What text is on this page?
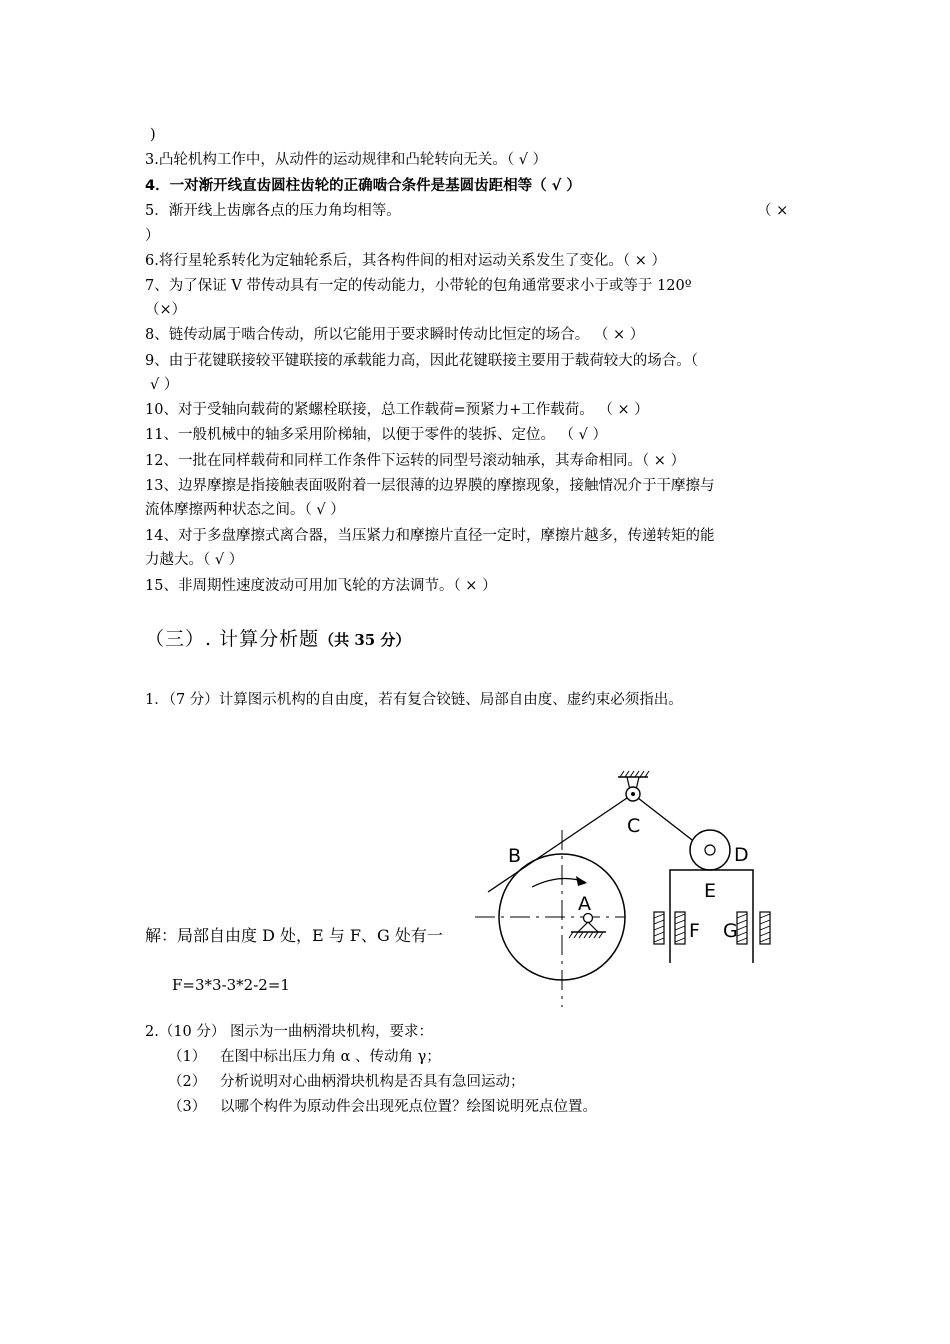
)
3.凸轮机构工作中，从动件的运动规律和凸轮转向无关。（ √ ）
4．一对渐开线直齿圆柱齿轮的正确啮合条件是基圆齿距相等（ √ ）
5．渐开线上齿廓各点的压力角均相等。	（ ×
）
6.将行星轮系转化为定轴轮系后，其各构件间的相对运动关系发生了变化。（ × ）
7、为了保证 V 带传动具有一定的传动能力，小带轮的包角通常要求小于或等于 120º
（×）
8、链传动属于啮合传动，所以它能用于要求瞬时传动比恒定的场合。 （ × ）
9、由于花键联接较平键联接的承载能力高，因此花键联接主要用于载荷较大的场合。（
√ ）
10、对于受轴向载荷的紧螺栓联接，总工作载荷=预紧力+工作载荷。 （ × ）
11、一般机械中的轴多采用阶梯轴，以便于零件的装拆、定位。 （ √ ）
12、一批在同样载荷和同样工作条件下运转的同型号滚动轴承，其寿命相同。（ × ）
13、边界摩擦是指接触表面吸附着一层很薄的边界膜的摩擦现象，接触情况介于干摩擦与
流体摩擦两种状态之间。（ √ ）
14、对于多盘摩擦式离合器，当压紧力和摩擦片直径一定时，摩擦片越多，传递转矩的能
力越大。（ √ ）
15、非周期性速度波动可用加飞轮的方法调节。（ × ）
（三）. 计算分析题（共 35 分）
1．（7 分）计算图示机构的自由度，若有复合铰链、局部自由度、虚约束必须指出。
B
C
D
E
A
F G
解：局部自由度 D 处，E 与 F、G 处有一
F=3*3-3*2-2=1
2.（10 分） 图示为一曲柄滑块机构，要求：
（1） 在图中标出压力角 α 、传动角 γ；
（2） 分析说明对心曲柄滑块机构是否具有急回运动；
（3） 以哪个构件为原动件会出现死点位置？绘图说明死点位置。
